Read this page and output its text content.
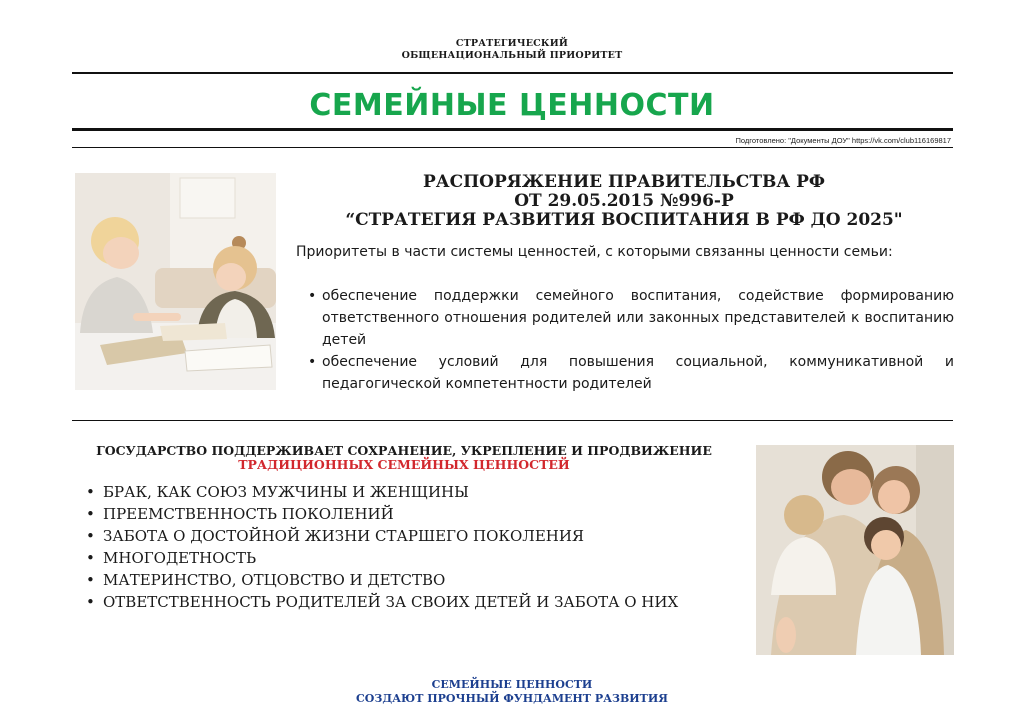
СТРАТЕГИЧЕСКИЙ
ОБЩЕНАЦИОНАЛЬНЫЙ ПРИОРИТЕТ
СЕМЕЙНЫЕ ЦЕННОСТИ
Подготовлено: "Документы ДОУ" https://vk.com/club116169817
РАСПОРЯЖЕНИЕ ПРАВИТЕЛЬСТВА РФ
ОТ 29.05.2015 №996-Р
“СТРАТЕГИЯ РАЗВИТИЯ ВОСПИТАНИЯ В РФ ДО 2025"
Приоритеты в части системы ценностей, с которыми связанны ценности семьи:
• обеспечение поддержки семейного воспитания, содействие формированию ответственного отношения родителей или законных представителей к воспитанию детей
• обеспечение условий для повышения социальной, коммуникативной и педагогической компетентности родителей
ГОСУДАРСТВО ПОДДЕРЖИВАЕТ СОХРАНЕНИЕ, УКРЕПЛЕНИЕ И ПРОДВИЖЕНИЕ
ТРАДИЦИОННЫХ СЕМЕЙНЫХ ЦЕННОСТЕЙ
• БРАК, КАК СОЮЗ МУЖЧИНЫ И ЖЕНЩИНЫ
• ПРЕЕМСТВЕННОСТЬ ПОКОЛЕНИЙ
• ЗАБОТА О ДОСТОЙНОЙ ЖИЗНИ СТАРШЕГО ПОКОЛЕНИЯ
• МНОГОДЕТНОСТЬ
• МАТЕРИНСТВО, ОТЦОВСТВО И ДЕТСТВО
• ОТВЕТСТВЕННОСТЬ РОДИТЕЛЕЙ ЗА СВОИХ ДЕТЕЙ И ЗАБОТА О НИХ
СЕМЕЙНЫЕ ЦЕННОСТИ
СОЗДАЮТ ПРОЧНЫЙ ФУНДАМЕНТ РАЗВИТИЯ
